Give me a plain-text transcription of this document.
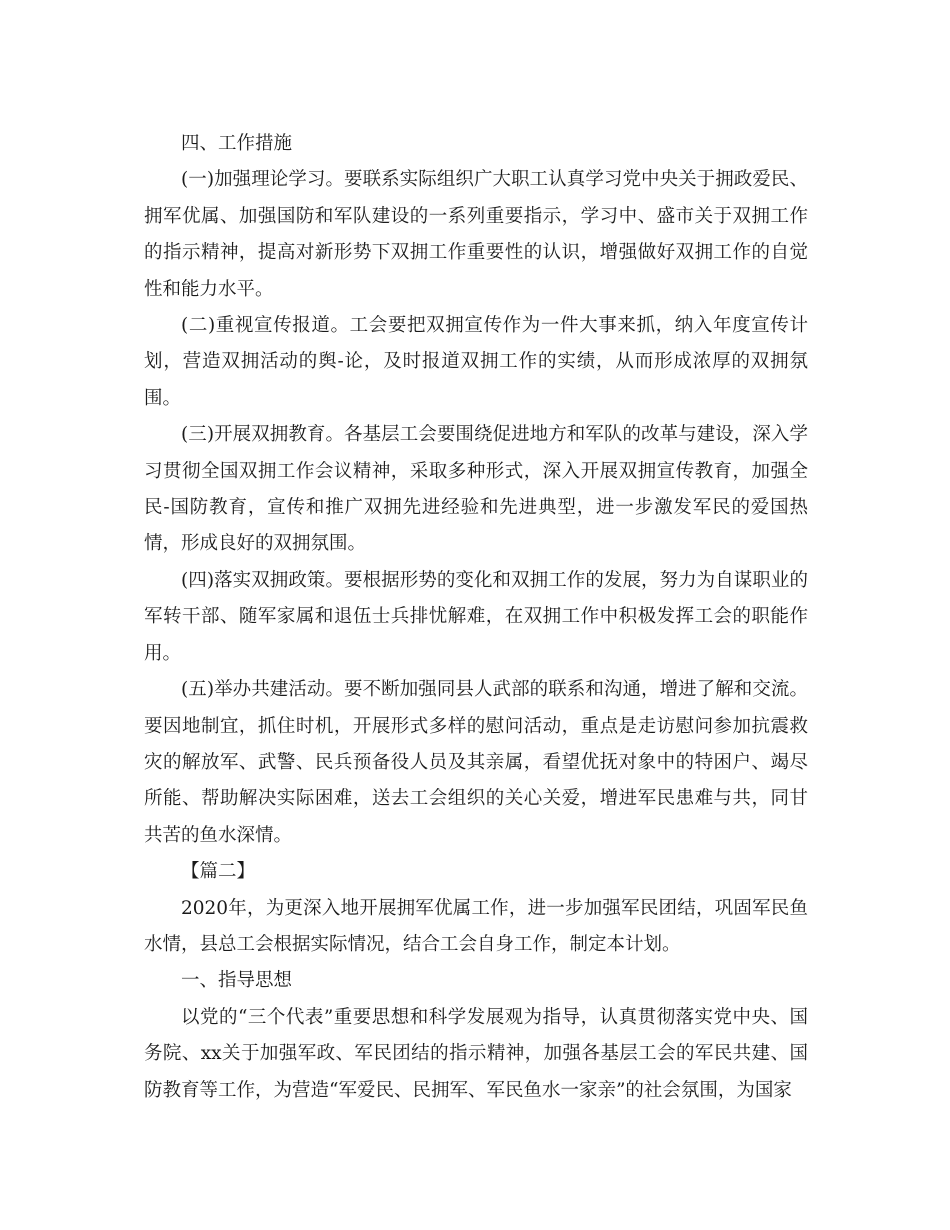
四、工作措施

(一)加强理论学习。要联系实际组织广大职工认真学习党中央关于拥政爱民、拥军优属、加强国防和军队建设的一系列重要指示，学习中、盛市关于双拥工作的指示精神，提高对新形势下双拥工作重要性的认识，增强做好双拥工作的自觉性和能力水平。

(二)重视宣传报道。工会要把双拥宣传作为一件大事来抓，纳入年度宣传计划，营造双拥活动的舆-论，及时报道双拥工作的实绩，从而形成浓厚的双拥氛围。

(三)开展双拥教育。各基层工会要围绕促进地方和军队的改革与建设，深入学习贯彻全国双拥工作会议精神，采取多种形式，深入开展双拥宣传教育，加强全民-国防教育，宣传和推广双拥先进经验和先进典型，进一步激发军民的爱国热情，形成良好的双拥氛围。

(四)落实双拥政策。要根据形势的变化和双拥工作的发展，努力为自谋职业的军转干部、随军家属和退伍士兵排忧解难，在双拥工作中积极发挥工会的职能作用。

(五)举办共建活动。要不断加强同县人武部的联系和沟通，增进了解和交流。要因地制宜，抓住时机，开展形式多样的慰问活动，重点是走访慰问参加抗震救灾的解放军、武警、民兵预备役人员及其亲属，看望优抚对象中的特困户、竭尽所能、帮助解决实际困难，送去工会组织的关心关爱，增进军民患难与共，同甘共苦的鱼水深情。

【篇二】

2020年，为更深入地开展拥军优属工作，进一步加强军民团结，巩固军民鱼水情，县总工会根据实际情况，结合工会自身工作，制定本计划。

一、指导思想

以党的“三个代表”重要思想和科学发展观为指导，认真贯彻落实党中央、国务院、xx关于加强军政、军民团结的指示精神，加强各基层工会的军民共建、国防教育等工作，为营造“军爱民、民拥军、军民鱼水一家亲”的社会氛围，为国家
